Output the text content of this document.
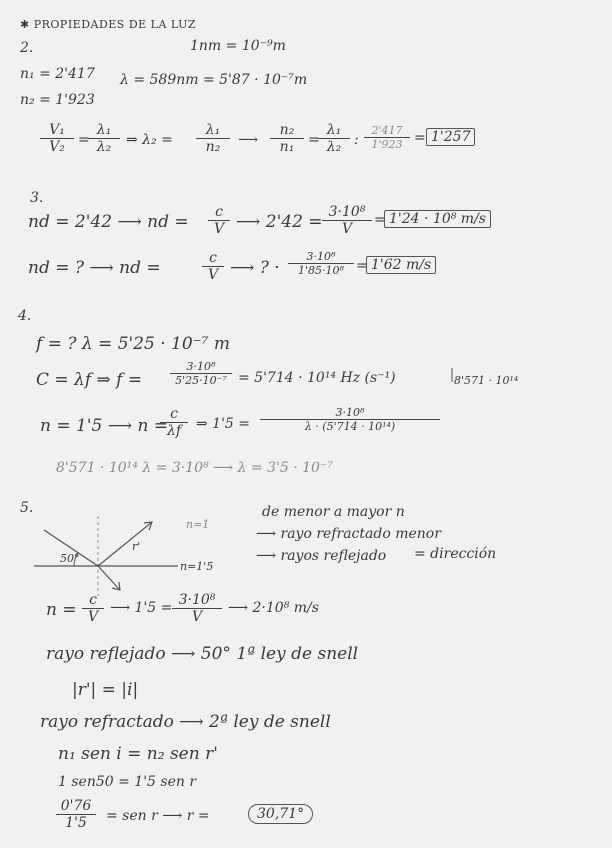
✱ PROPIEDADES DE LA LUZ
2.	1nm = 10⁻⁹m
n₁ = 2'417
n₂ = 1'923
λ = 589nm = 5'87 · 10⁻⁷m
$\frac{\text{V₁}}{\text{V₂}}$ =
$\frac{\text{λ₁}}{\text{λ₂}}$ ⇒ $\lambda_2 = \frac{\text{λ₁}}{\text{n₂}}$ ⟶ $\frac{\text{n₂}}{\text{n₁}}$ =
$\frac{\text{λ₁}}{\text{λ₂}}$ : $\frac{2'417}{1'923} = 1'257$
3.
nd = 2'42 ⟶ nd = $\frac{c}{V}$ ⟶ $2'42 = \frac{\text{3·10⁸}}{V} = 1'24 \cdot 10^8$ m/s
nd = ? ⟶ nd =	$\frac{c}{V}$ ⟶ ? · $\frac{\text{3·10⁸}}{\text{1'85·10⁸}} = 1'62$ m/s
4.
f = ? λ = 5'25 · 10⁻⁷ m
C = λf ⇒ f =	$\frac{\text{3·10⁸}}{\text{5'25·10⁻⁷}} = 5'714 \cdot 10^{14}$ Hz (s⁻¹)	8'571 · 10¹⁴
n = 1'5 ⟶ n =
$\frac{c}{\lambda f}$ ⇒ $1'5 = \frac{\text{3·10⁸}}{\text{λ · (5'714 · 10¹⁴)}}$
8'571 · 10¹⁴ λ = 3·10⁸ ⟶ λ = 3'5 · 10⁻⁷
5.
50°
r'
n=1
n=1'5
de menor a mayor n
⟶ rayo refractado menor
⟶ rayos reflejado = dirección
$n = \frac{c}{V}$ ⟶ $1'5 = \frac{\text{3·10⁸}}{V}$ ⟶ 2·10⁸ m/s
rayo reflejado ⟶ 50° 1ª ley de snell
|r'| = |i|
rayo refractado ⟶ 2ª ley de snell
n₁ sen i = n₂ sen r'
1 sen50 = 1'5 sen r
$\frac{0'76}{1'5}$ = sen r ⟶ r =	30,71°
